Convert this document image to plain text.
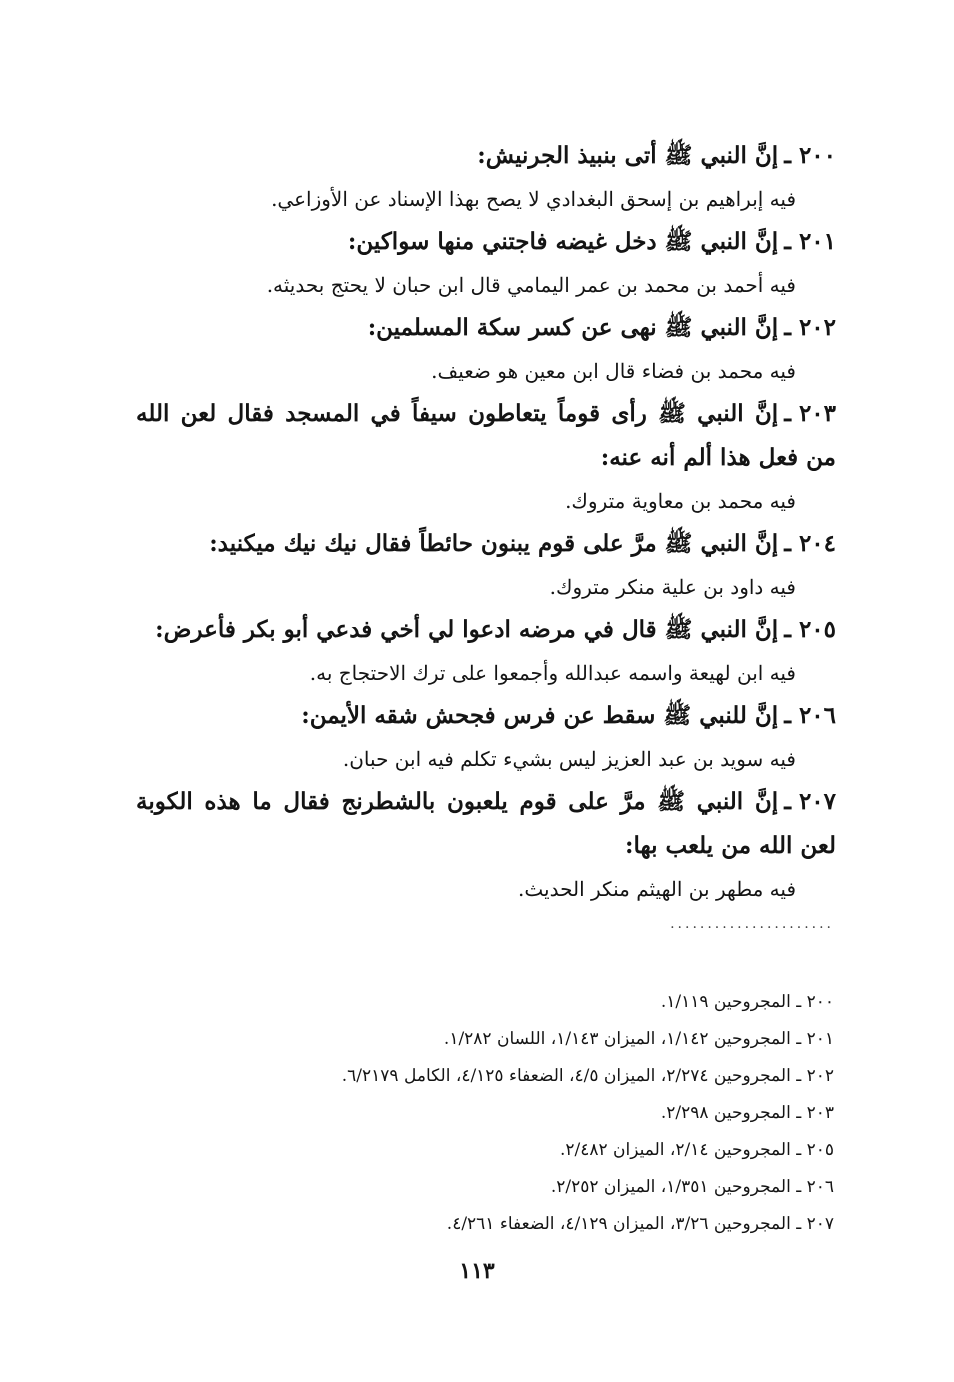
٢٠٠ ـإنَّ النبي ﷺ أتى بنبيذ الجرنيش:

فيه إبراهيم بن إسحق البغدادي لا يصح بهذا الإسناد عن الأوزاعي.

٢٠١ ـإنَّ النبي ﷺ دخل غيضه فاجتني منها سواكين:

فيه أحمد بن محمد بن عمر اليمامي قال ابن حبان لا يحتج بحديثه.

٢٠٢ ـإنَّ النبي ﷺ نهى عن كسر سكة المسلمين:

فيه محمد بن فضاء قال ابن معين هو ضعيف.

٢٠٣ ـإنَّ النبي ﷺ رأى قوماً يتعاطون سيفاً في المسجد فقال لعن الله من فعل هذا ألم أنه عنه:

فيه محمد بن معاوية متروك.

٢٠٤ ـإنَّ النبي ﷺ مرَّ على قوم يبنون حائطاً فقال نيك نيك ميكنيد:

فيه داود بن علية منكر متروك.

٢٠٥ ـإنَّ النبي ﷺ قال في مرضه ادعوا لي أخي فدعي أبو بكر فأعرض:

فيه ابن لهيعة واسمه عبدالله وأجمعوا على ترك الاحتجاج به.

٢٠٦ ـإنَّ للنبي ﷺ سقط عن فرس فجحش شقه الأيمن:

فيه سويد بن عبد العزيز ليس بشيء تكلم فيه ابن حبان.

٢٠٧ ـإنَّ النبي ﷺ مرَّ على قوم يلعبون بالشطرنج فقال ما هذه الكوبة لعن الله من يلعب بها:

فيه مطهر بن الهيثم منكر الحديث.

......................

٢٠٠ ـ المجروحين ١/١١٩.

٢٠١ ـ المجروحين ١/١٤٢، الميزان ١/١٤٣، اللسان ١/٢٨٢.

٢٠٢ ـ المجروحين ٢/٢٧٤، الميزان ٤/٥، الضعفاء ٤/١٢٥، الكامل ٦/٢١٧٩.

٢٠٣ ـ المجروحين ٢/٢٩٨.

٢٠٥ ـ المجروحين ٢/١٤، الميزان ٢/٤٨٢.

٢٠٦ ـ المجروحين ١/٣٥١، الميزان ٢/٢٥٢.

٢٠٧ ـ المجروحين ٣/٢٦، الميزان ٤/١٢٩، الضعفاء ٤/٢٦١.

١١٣
